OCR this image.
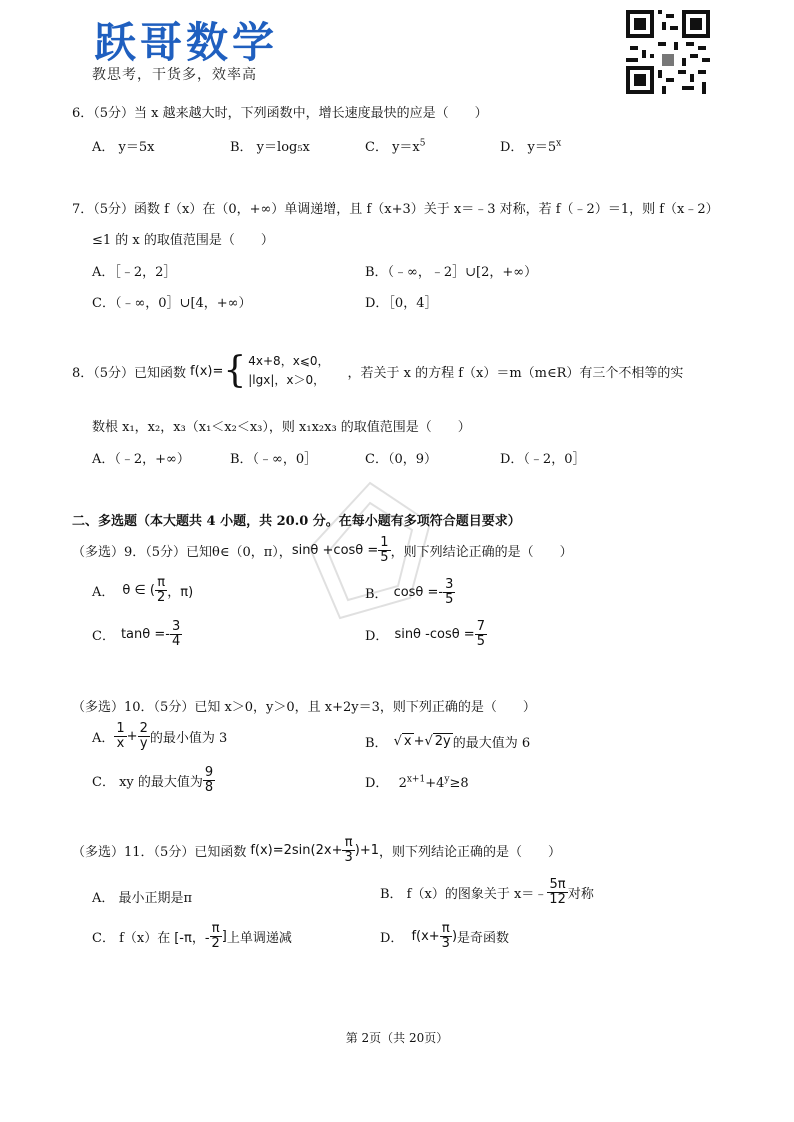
跃哥数学
教思考，干货多，效率高
6．（5分）当 x 越来越大时，下列函数中，增长速度最快的应是（　　）
A． y＝5x	B． y＝log₅x	C． $y=x^5$	D． $y=5^x$
7．（5分）函数 f（x）在（0，+∞）单调递增，且 f（x+3）关于 x＝﹣3 对称，若 f（﹣2）＝1，则 f（x﹣2）
≤1 的 x 的取值范围是（　　）
A．［﹣2，2］	B．（﹣∞，﹣2］∪[2，+∞）
C．（﹣∞，0］∪[4，+∞）	D．［0，4］
8．（5分）已知函数 f(x)= { 4x+8，x⩽0，
|lgx|，x＞0，	，若关于 x 的方程 f（x）＝m（m∈R）有三个不相等的实
数根 x₁，x₂，x₃（x₁＜x₂＜x₃），则 x₁x₂x₃ 的取值范围是（　　）
A．（﹣2，+∞）	B．（﹣∞，0］	C．（0，9）	D．（﹣2，0］
二、多选题（本大题共 4 小题，共 20.0 分。在每小题有多项符合题目要求）
（多选）9．（5分）已知θ∈（0，π）， $\sin\theta +\cos\theta = \frac{1}{5}$ ，则下列结论正确的是（　　）
A． θ ∈ ( $\frac{\pi}{2}$ ，π)	B． $\cos\theta =- \frac{3}{5}$
C． $\tan\theta =- \frac{3}{4}$	D． sinθ $-\cos\theta = \frac{7}{5}$
（多选）10．（5分）已知 x＞0，y＞0，且 x+2y＝3，则下列正确的是（　　）
A． $\frac{1}{x} + \frac{2}{y}$ 的最小值为 3	B． √ x + √ 2y 的最大值为 6
C． xy 的最大值为 $\frac{9}{8}$	D． $2^{x+1}+4^y\ge 8$
（多选）11．（5分）已知函数 $f(x)=2\sin(2x+ \frac{\pi}{3} )+1$ ，则下列结论正确的是（　　）
A． 最小正期是π	B． f（x）的图象关于 x＝﹣ $\frac{5\pi}{12}$ 对称
C． f（x）在 [-π，- $\frac{\pi}{2}$ ] 上单调递减	D． $f(x+ \frac{\pi}{3}$ ) 是奇函数
第 2页（共 20页）
